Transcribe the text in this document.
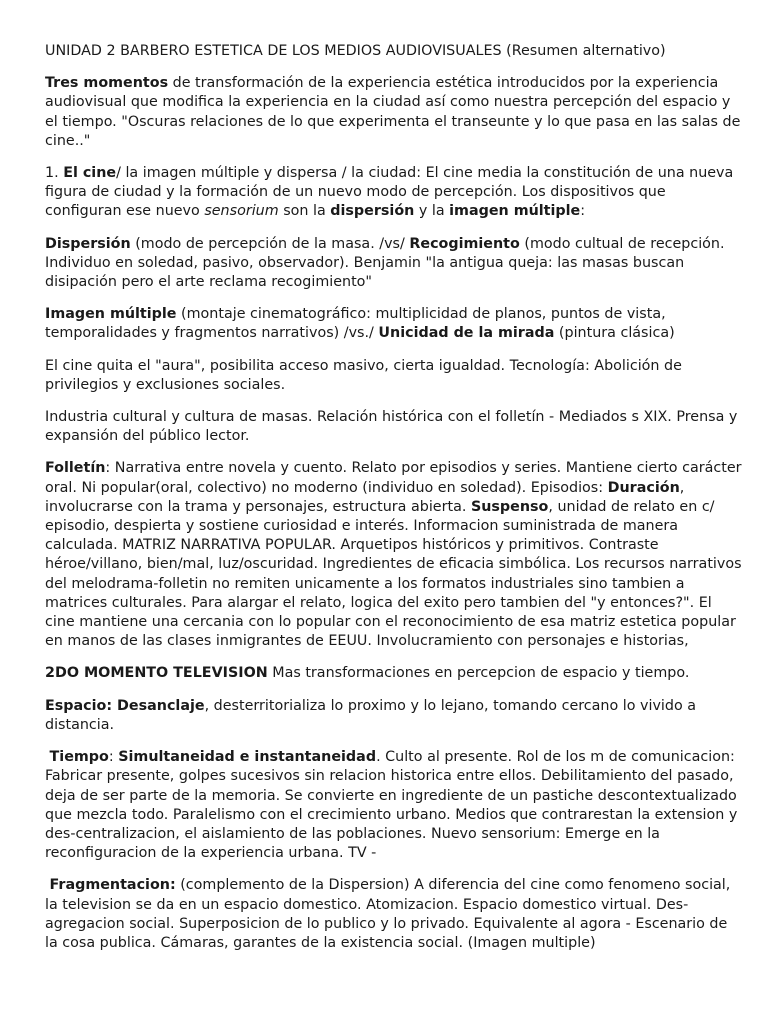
UNIDAD 2 BARBERO ESTETICA DE LOS MEDIOS AUDIOVISUALES (Resumen alternativo)

Tres momentos de transformación de la experiencia estética introducidos por la experiencia audiovisual que modifica la experiencia en la ciudad así como nuestra percepción del espacio y el tiempo. "Oscuras relaciones de lo que experimenta el transeunte y lo que pasa en las salas de cine.."

1. El cine/ la imagen múltiple y dispersa / la ciudad: El cine media la constitución de una nueva figura de ciudad y la formación de un nuevo modo de percepción. Los dispositivos que configuran ese nuevo sensorium son la dispersión y la imagen múltiple:

Dispersión (modo de percepción de la masa. /vs/ Recogimiento (modo cultual de recepción. Individuo en soledad, pasivo, observador). Benjamin "la antigua queja: las masas buscan disipación pero el arte reclama recogimiento"

Imagen múltiple (montaje cinematográfico: multiplicidad de planos, puntos de vista, temporalidades y fragmentos narrativos) /vs./ Unicidad de la mirada (pintura clásica)

El cine quita el "aura", posibilita acceso masivo, cierta igualdad. Tecnología: Abolición de privilegios y exclusiones sociales.

Industria cultural y cultura de masas. Relación histórica con el folletín - Mediados s XIX. Prensa y expansión del público lector.

Folletín: Narrativa entre novela y cuento. Relato por episodios y series. Mantiene cierto carácter oral. Ni popular(oral, colectivo) no moderno (individuo en soledad). Episodios: Duración, involucrarse con la trama y personajes, estructura abierta. Suspenso, unidad de relato en c/ episodio, despierta y sostiene curiosidad e interés. Informacion suministrada de manera calculada. MATRIZ NARRATIVA POPULAR. Arquetipos históricos y primitivos. Contraste héroe/villano, bien/mal, luz/oscuridad. Ingredientes de eficacia simbólica. Los recursos narrativos del melodrama-folletin no remiten unicamente a los formatos industriales sino tambien a matrices culturales. Para alargar el relato, logica del exito pero tambien del "y entonces?". El cine mantiene una cercania con lo popular con el reconocimiento de esa matriz estetica popular en manos de las clases inmigrantes de EEUU. Involucramiento con personajes e historias,

2DO MOMENTO TELEVISION Mas transformaciones en percepcion de espacio y tiempo.

Espacio: Desanclaje, desterritorializa lo proximo y lo lejano, tomando cercano lo vivido a distancia.

Tiempo: Simultaneidad e instantaneidad. Culto al presente. Rol de los m de comunicacion: Fabricar presente, golpes sucesivos sin relacion historica entre ellos. Debilitamiento del pasado, deja de ser parte de la memoria. Se convierte en ingrediente de un pastiche descontextualizado que mezcla todo. Paralelismo con el crecimiento urbano. Medios que contrarestan la extension y des-centralizacion, el aislamiento de las poblaciones. Nuevo sensorium: Emerge en la reconfiguracion de la experiencia urbana. TV -

Fragmentacion: (complemento de la Dispersion) A diferencia del cine como fenomeno social, la television se da en un espacio domestico. Atomizacion. Espacio domestico virtual. Des-agregacion social. Superposicion de lo publico y lo privado. Equivalente al agora - Escenario de la cosa publica. Cámaras, garantes de la existencia social. (Imagen multiple)
